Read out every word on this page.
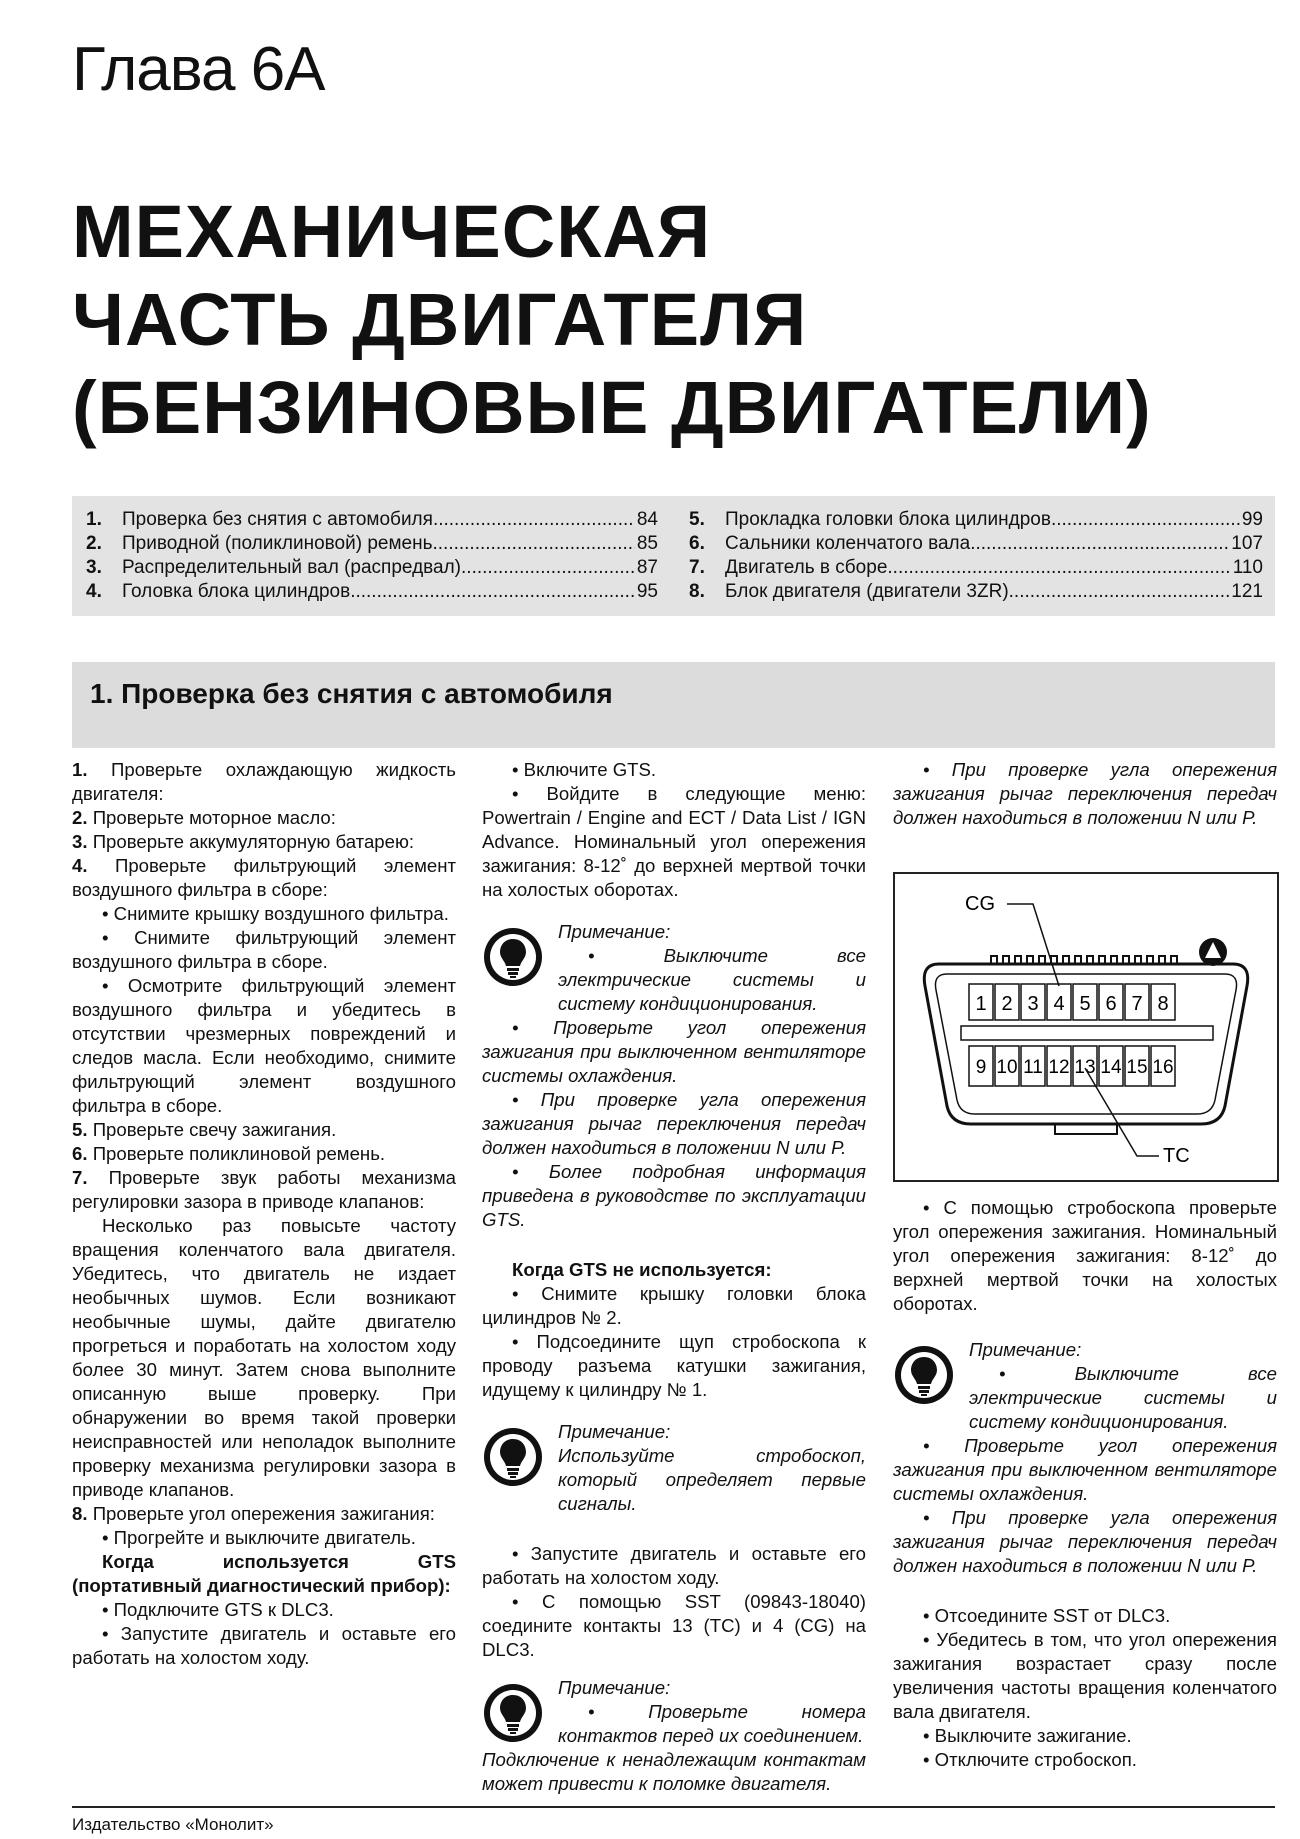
Глава 6А
МЕХАНИЧЕСКАЯ
ЧАСТЬ ДВИГАТЕЛЯ
(БЕНЗИНОВЫЕ ДВИГАТЕЛИ)
1.	Проверка без снятия с автомобиля .....	84
2.	Приводной (поликлиновой) ремень .....	85
3.	Распределительный вал (распредвал) .....	87
4.	Головка блока цилиндров .....	95
5.	Прокладка головки блока цилиндров .....	99
6.	Сальники коленчатого вала .....	107
7.	Двигатель в сборе .....	110
8.	Блок двигателя (двигатели 3ZR) .....	121
1. Проверка без снятия с автомобиля

1. Проверьте охлаждающую жидкость двигателя:

2. Проверьте моторное масло:

3. Проверьте аккумуляторную батарею:

4. Проверьте фильтрующий элемент воздушного фильтра в сборе:

• Снимите крышку воздушного фильтра.

• Снимите фильтрующий элемент воздушного фильтра в сборе.

• Осмотрите фильтрующий элемент воздушного фильтра и убедитесь в отсутствии чрезмерных повреждений и следов масла. Если необходимо, снимите фильтрующий элемент воздушного фильтра в сборе.

5. Проверьте свечу зажигания.

6. Проверьте поликлиновой ремень.

7. Проверьте звук работы механизма регулировки зазора в приводе клапанов:

Несколько раз повысьте частоту вращения коленчатого вала двигателя. Убедитесь, что двигатель не издает необычных шумов. Если возникают необычные шумы, дайте двигателю прогреться и поработать на холостом ходу более 30 минут. Затем снова выполните описанную выше проверку. При обнаружении во время такой проверки неисправностей или неполадок выполните проверку механизма регулировки зазора в приводе клапанов.

8. Проверьте угол опережения зажигания:

• Прогрейте и выключите двигатель.

Когда используется GTS (портативный диагностический прибор):

• Подключите GTS к DLC3.

• Запустите двигатель и оставьте его работать на холостом ходу.

• Включите GTS.

• Войдите в следующие меню: Powertrain / Engine and ECT / Data List / IGN Advance. Номинальный угол опережения зажигания: 8-12˚ до верхней мертвой точки на холостых оборотах.

Примечание:
• Выключите все электрические системы и систему кондиционирования.
• Проверьте угол опережения зажигания при выключенном вентиляторе системы охлаждения.
• При проверке угла опережения зажигания рычаг переключения передач должен находиться в положении N или P.
• Более подробная информация приведена в руководстве по эксплуатации GTS.

Когда GTS не используется:

• Снимите крышку головки блока цилиндров № 2.

• Подсоедините щуп стробоскопа к проводу разъема катушки зажигания, идущему к цилиндру № 1.

Примечание:
Используйте стробоскоп, который определяет первые сигналы.

• Запустите двигатель и оставьте его работать на холостом ходу.

• С помощью SST (09843-18040) соедините контакты 13 (TC) и 4 (CG) на DLC3.

Примечание:
• Проверьте номера контактов перед их соединением.
Подключение к ненадлежащим контактам может привести к поломке двигателя.

• При проверке угла опережения зажигания рычаг переключения передач должен находиться в положении N или P.

1 2 3 4 5 6 7 8
9 10 11 12 13 14 15 16
CG
TC

• С помощью стробоскопа проверьте угол опережения зажигания. Номинальный угол опережения зажигания: 8-12˚ до верхней мертвой точки на холостых оборотах.

Примечание:
• Выключите все электрические системы и систему кондиционирования.
• Проверьте угол опережения зажигания при выключенном вентиляторе системы охлаждения.
• При проверке угла опережения зажигания рычаг переключения передач должен находиться в положении N или P.

• Отсоедините SST от DLC3.

• Убедитесь в том, что угол опережения зажигания возрастает сразу после увеличения частоты вращения коленчатого вала двигателя.

• Выключите зажигание.

• Отключите стробоскоп.

Издательство «Монолит»
